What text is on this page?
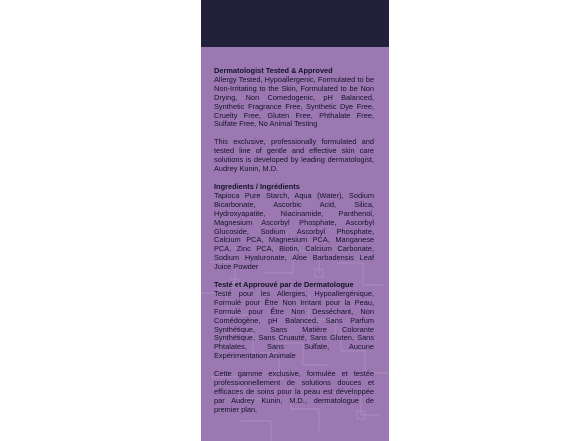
Dermatologist Tested & Approved

Allergy Tested, Hypoallergenic, Formulated to be Non-Irritating to the Skin, Formulated to be Non Drying, Non Comedogenic, pH Balanced, Synthetic Fragrance Free, Synthetic Dye Free, Cruelty Free, Gluten Free, Phthalate Free, Sulfate Free, No Animal Testing

This exclusive, professionally formulated and tested line of gentle and effective skin care solutions is developed by leading dermatologist, Audrey Kunin, M.D.

Ingredients / Ingrédients

Tapioca Pure Starch, Aqua (Water), Sodium Bicarbonate, Ascorbic Acid, Silica, Hydroxyapatite, Niacinamide, Panthenol, Magnesium Ascorbyl Phosphate, Ascorbyl Glucoside, Sodium Ascorbyl Phosphate, Calcium PCA, Magnesium PCA, Manganese PCA, Zinc PCA, Biotin, Calcium Carbonate, Sodium Hyaluronate, Aloe Barbadensis Leaf Juice Powder

Testé et Approuvé par de Dermatologue

Testé pour les Allergies, Hypoallergénique, Formulé pour Être Non Irritant pour la Peau, Formulé pour Être Non Desséchant, Non Comédogène, pH Balanced, Sans Parfum Synthétique, Sans Matière Colorante Synthétique, Sans Cruauté, Sans Gluten, Sans Phtalates, Sans Sulfate, Aucune Expérimentation Animale

Cette gamme exclusive, formulée et testée professionnellement de solutions douces et efficaces de soins pour la peau est développée par Audrey Kunin, M.D., dermatologue de premier plan.
